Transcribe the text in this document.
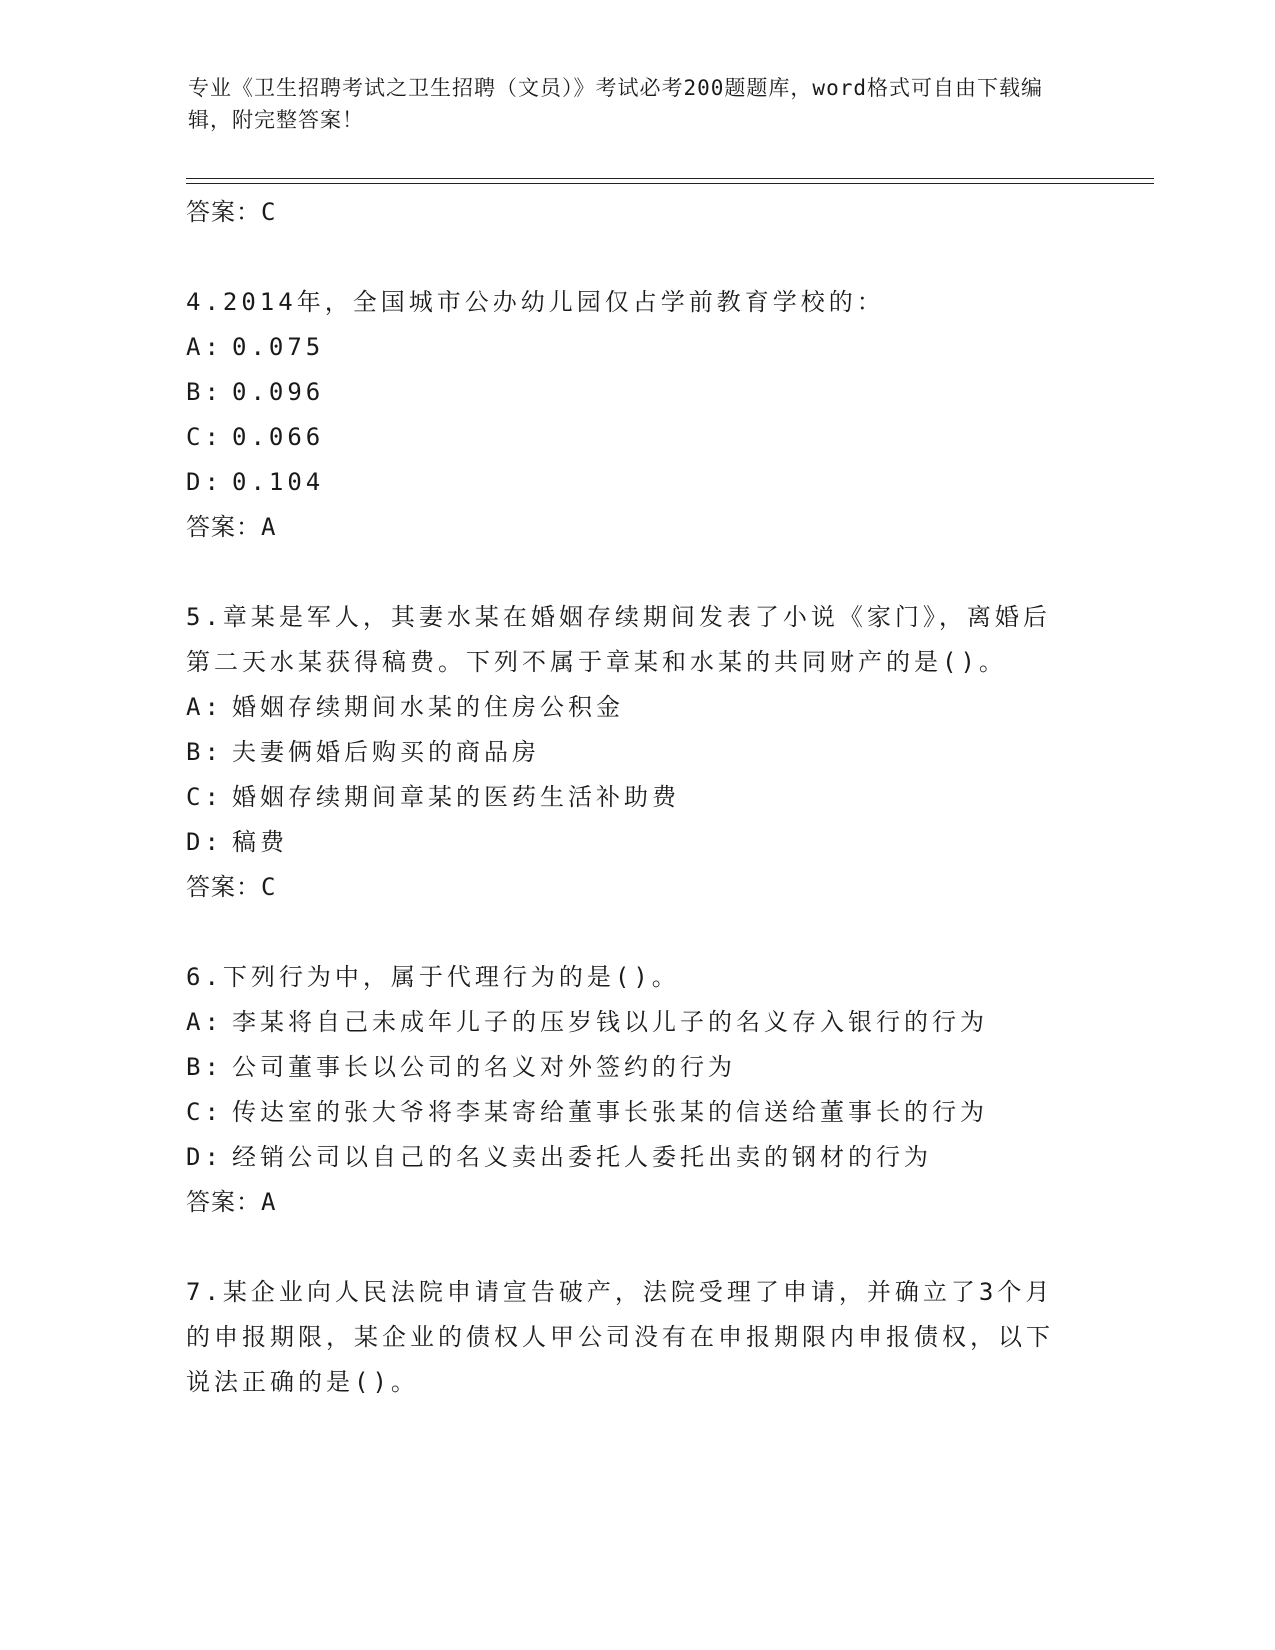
专业《卫生招聘考试之卫生招聘（文员）》考试必考200题题库，word格式可自由下载编辑，附完整答案！
答案：C
4.2014年，全国城市公办幼儿园仅占学前教育学校的：
A: 0.075
B: 0.096
C: 0.066
D: 0.104
答案：A
5.章某是军人，其妻水某在婚姻存续期间发表了小说《家门》，离婚后第二天水某获得稿费。下列不属于章某和水某的共同财产的是()。
A: 婚姻存续期间水某的住房公积金
B: 夫妻俩婚后购买的商品房
C: 婚姻存续期间章某的医药生活补助费
D: 稿费
答案：C
6.下列行为中，属于代理行为的是()。
A: 李某将自己未成年儿子的压岁钱以儿子的名义存入银行的行为
B: 公司董事长以公司的名义对外签约的行为
C: 传达室的张大爷将李某寄给董事长张某的信送给董事长的行为
D: 经销公司以自己的名义卖出委托人委托出卖的钢材的行为
答案：A
7.某企业向人民法院申请宣告破产，法院受理了申请，并确立了3个月的申报期限，某企业的债权人甲公司没有在申报期限内申报债权，以下说法正确的是()。
